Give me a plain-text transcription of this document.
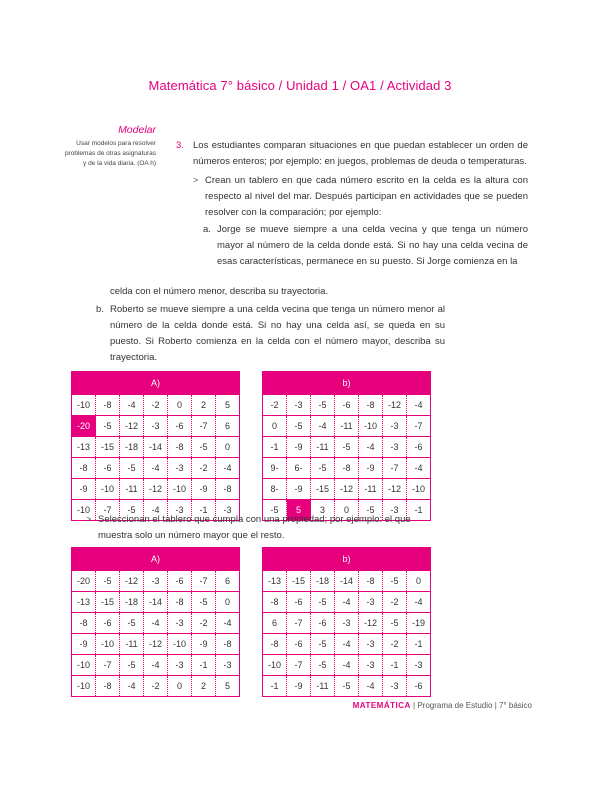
Matemática 7° básico / Unidad 1 / OA1 / Actividad 3
Modelar
Usar modelos para resolver problemas de otras asignaturas y de la vida diaria. (OA h)
3. Los estudiantes comparan situaciones en que puedan establecer un orden de números enteros; por ejemplo: en juegos, problemas de deuda o temperaturas.
> Crean un tablero en que cada número escrito en la celda es la altura con respecto al nivel del mar. Después participan en actividades que se pueden resolver con la comparación; por ejemplo:
a. Jorge se mueve siempre a una celda vecina y que tenga un número mayor al número de la celda donde está. Si no hay una celda vecina de esas características, permanece en su puesto. Si Jorge comienza en la
celda con el número menor, describa su trayectoria.
b. Roberto se mueve siempre a una celda vecina que tenga un número menor al número de la celda donde está. Si no hay una celda así, se queda en su puesto. Si Roberto comienza en la celda con el número mayor, describa su trayectoria.
A)						
-10	-8	-4	-2	0	2	5
-20	-5	-12	-3	-6	-7	6
-13	-15	-18	-14	-8	-5	0
-8	-6	-5	-4	-3	-2	-4
-9	-10	-11	-12	-10	-9	-8
-10	-7	-5	-4	-3	-1	-3
b)						
-2	-3	-5	-6	-8	-12	-4
0	-5	-4	-11	-10	-3	-7
-1	-9	-11	-5	-4	-3	-6
9-	6-	-5	-8	-9	-7	-4
8-	-9	-15	-12	-11	-12	-10
-5	5	3	0	-5	-3	-1
> Seleccionan el tablero que cumpla con una propiedad; por ejemplo: el que muestra solo un número mayor que el resto.
A)						
-20	-5	-12	-3	-6	-7	6
-13	-15	-18	-14	-8	-5	0
-8	-6	-5	-4	-3	-2	-4
-9	-10	-11	-12	-10	-9	-8
-10	-7	-5	-4	-3	-1	-3
-10	-8	-4	-2	0	2	5
b)						
-13	-15	-18	-14	-8	-5	0
-8	-6	-5	-4	-3	-2	-4
6	-7	-6	-3	-12	-5	-19
-8	-6	-5	-4	-3	-2	-1
-10	-7	-5	-4	-3	-1	-3
-1	-9	-11	-5	-4	-3	-6
MATEMÁTICA | Programa de Estudio | 7° básico
